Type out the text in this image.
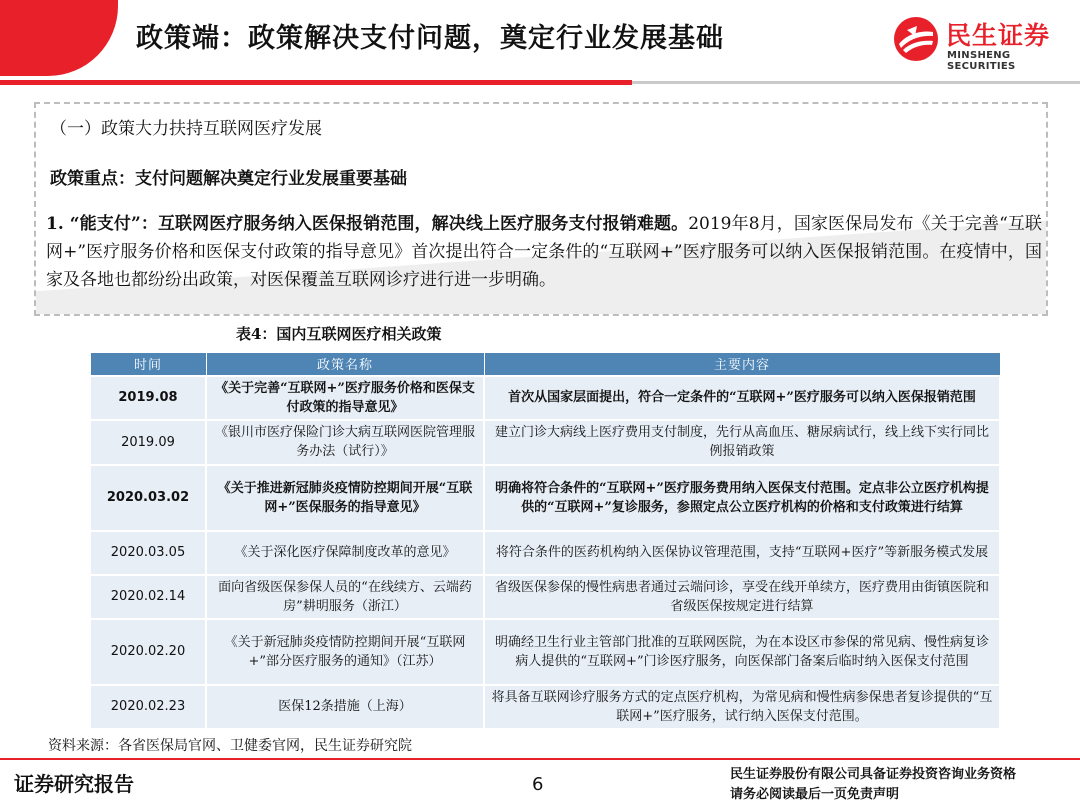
政策端：政策解决支付问题，奠定行业发展基础	民生证券
MINSHENG SECURITIES
（一）政策大力扶持互联网医疗发展
政策重点：支付问题解决奠定行业发展重要基础
1. “能支付”：互联网医疗服务纳入医保报销范围，解决线上医疗服务支付报销难题。2019年8月，国家医保局发布《关于完善“互联网+”医疗服务价格和医保支付政策的指导意见》首次提出符合一定条件的“互联网+”医疗服务可以纳入医保报销范围。在疫情中，国家及各地也都纷纷出政策，对医保覆盖互联网诊疗进行进一步明确。
表4：国内互联网医疗相关政策
时间	政策名称	主要内容
2019.08	《关于完善“互联网+”医疗服务价格和医保支付政策的指导意见》	首次从国家层面提出，符合一定条件的“互联网+”医疗服务可以纳入医保报销范围
2019.09	《银川市医疗保险门诊大病互联网医院管理服务办法（试行）》	建立门诊大病线上医疗费用支付制度，先行从高血压、糖尿病试行，线上线下实行同比例报销政策
2020.03.02	《关于推进新冠肺炎疫情防控期间开展“互联网+”医保服务的指导意见》	明确将符合条件的“互联网+”医疗服务费用纳入医保支付范围。定点非公立医疗机构提供的“互联网+”复诊服务，参照定点公立医疗机构的价格和支付政策进行结算
2020.03.05	《关于深化医疗保障制度改革的意见》	将符合条件的医药机构纳入医保协议管理范围，支持“互联网+医疗”等新服务模式发展
2020.02.14	面向省级医保参保人员的“在线续方、云端药房”耕明服务（浙江）	省级医保参保的慢性病患者通过云端问诊，享受在线开单续方，医疗费用由街镇医院和省级医保按规定进行结算
2020.02.20	《关于新冠肺炎疫情防控期间开展“互联网+”部分医疗服务的通知》（江苏）	明确经卫生行业主管部门批准的互联网医院，为在本设区市参保的常见病、慢性病复诊病人提供的“互联网+”门诊医疗服务，向医保部门备案后临时纳入医保支付范围
2020.02.23	医保12条措施（上海）	将具备互联网诊疗服务方式的定点医疗机构，为常见病和慢性病参保患者复诊提供的“互联网+”医疗服务，试行纳入医保支付范围。
资料来源：各省医保局官网、卫健委官网，民生证券研究院
证券研究报告	6	民生证券股份有限公司具备证券投资咨询业务资格
请务必阅读最后一页免责声明
